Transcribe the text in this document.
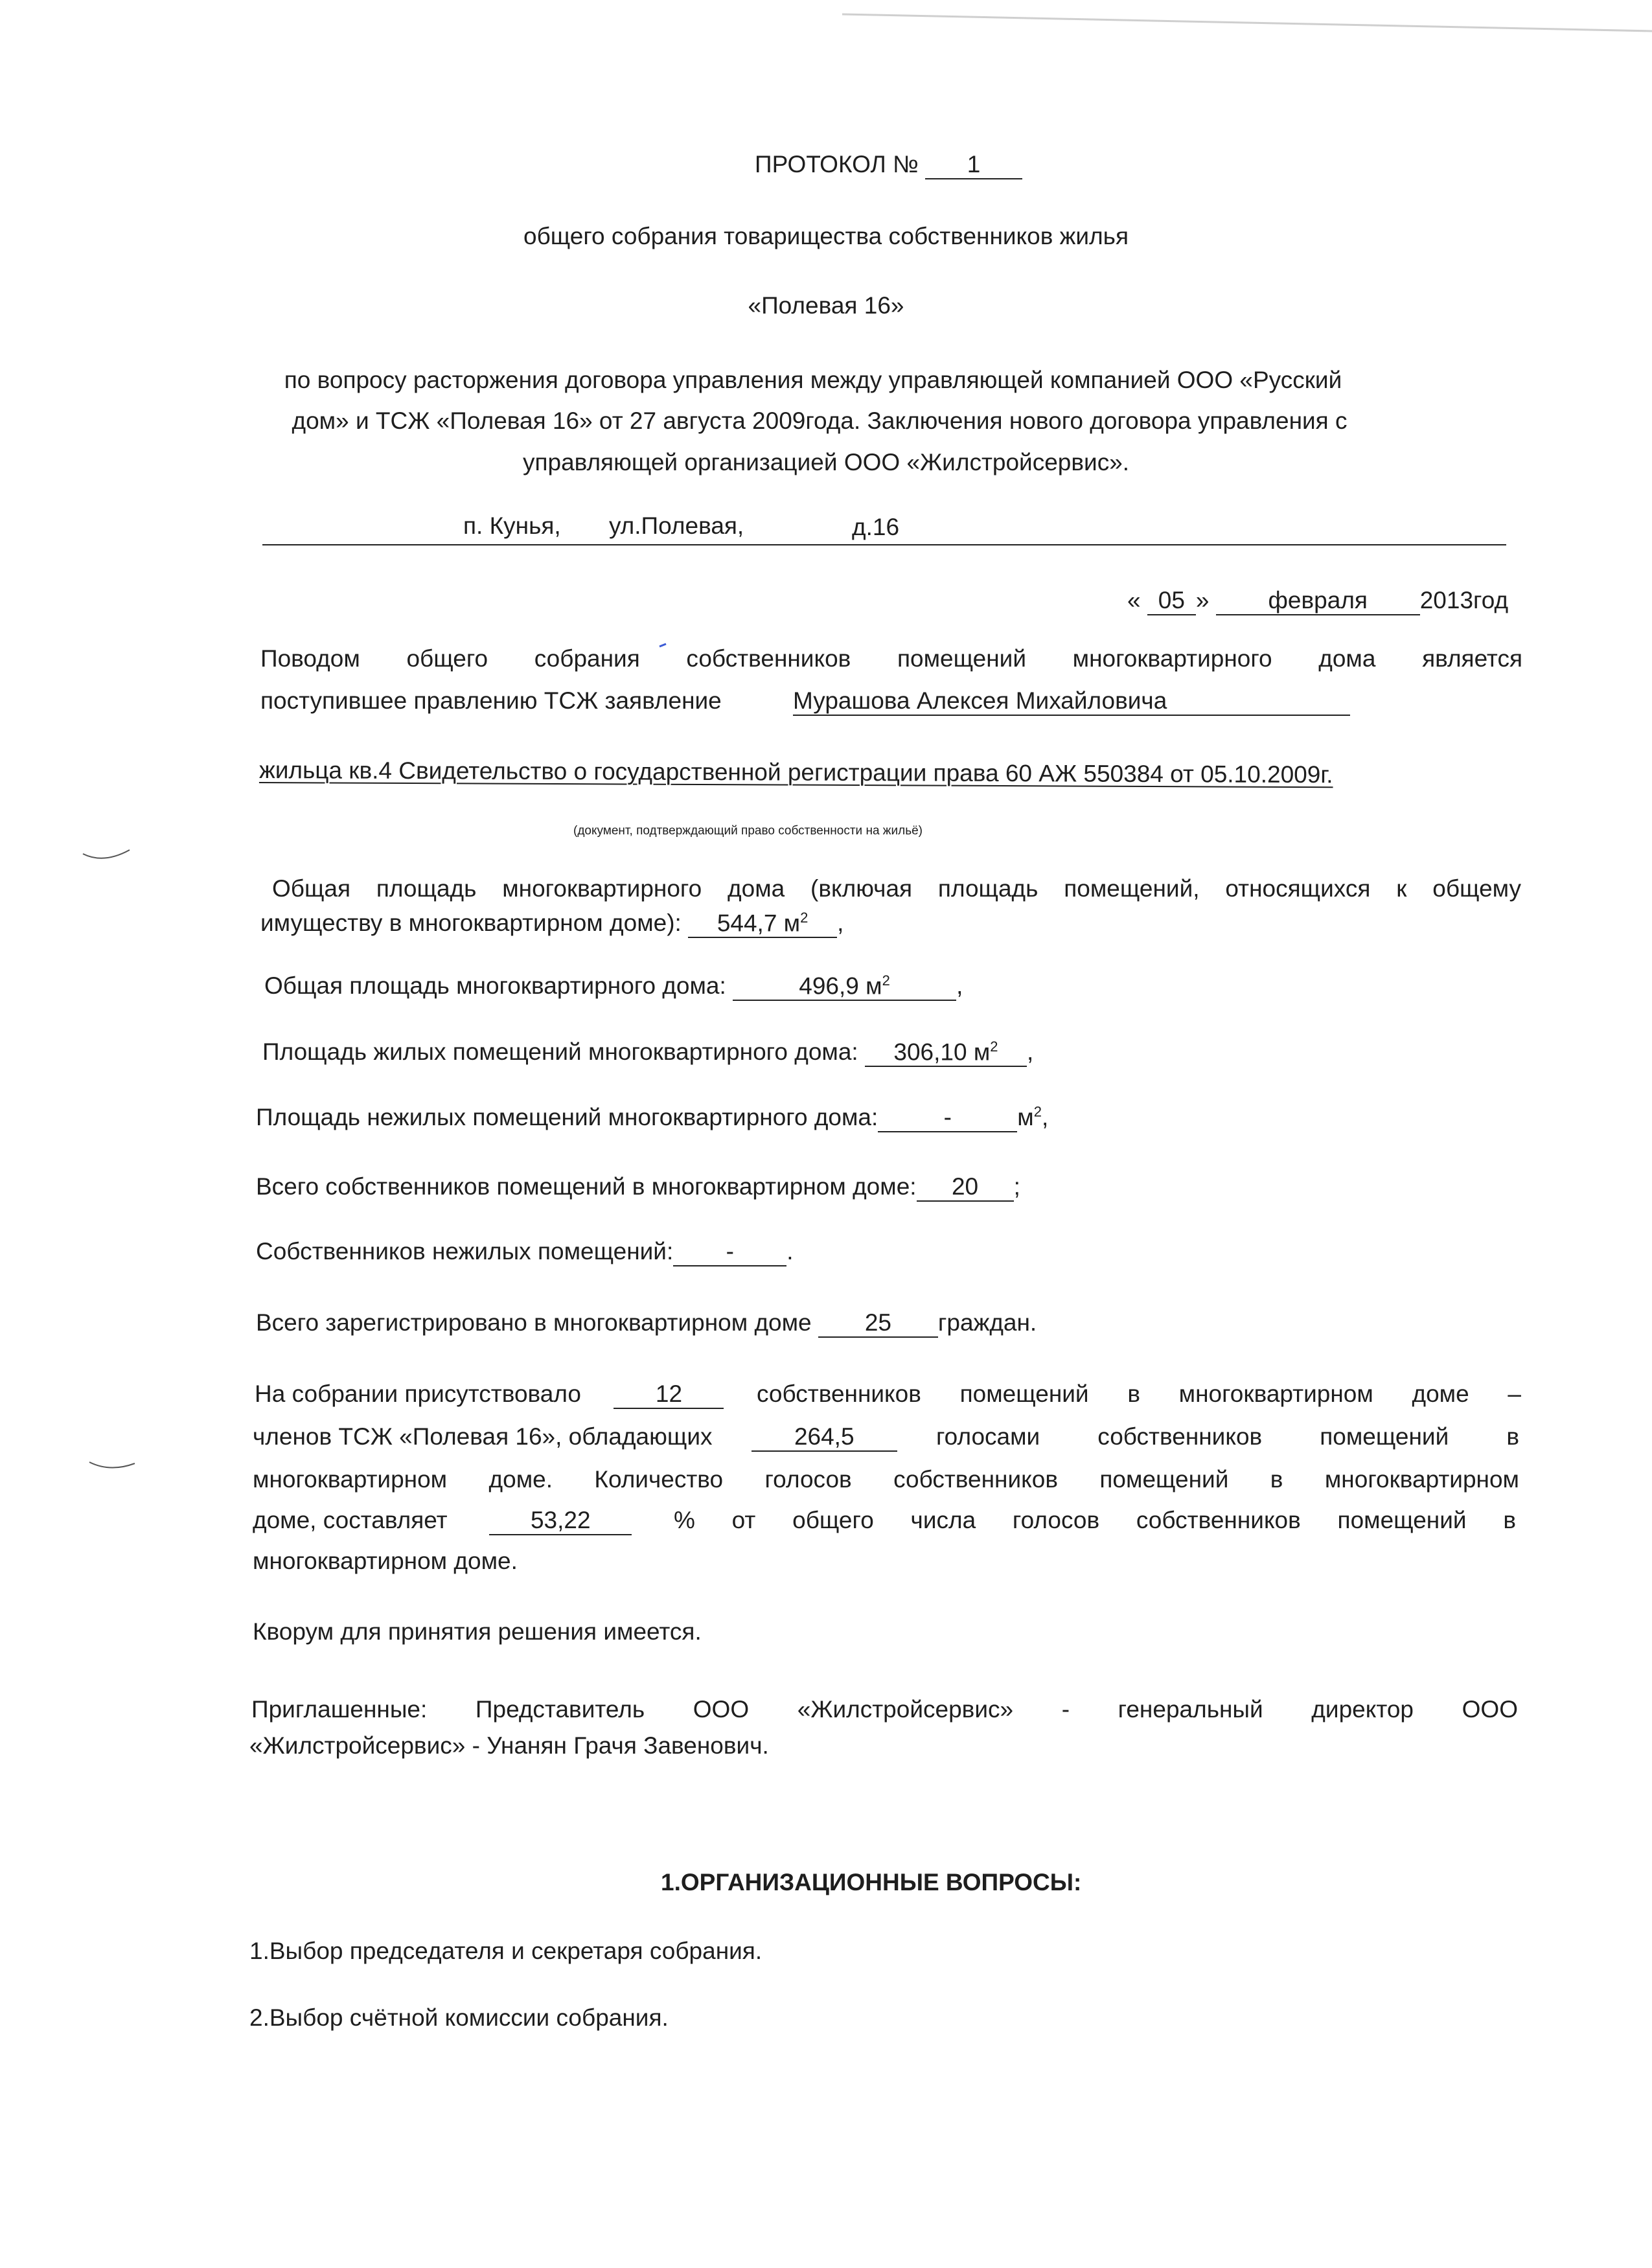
ПРОТОКОЛ № 1
общего собрания товарищества собственников жилья
«Полевая 16»
по вопросу расторжения договора управления между управляющей компанией ООО «Русский
дом» и ТСЖ «Полевая 16» от 27 августа 2009года. Заключения нового договора управления с
управляющей организацией ООО «Жилстройсервис».
п. Кунья, ул.Полевая,	д.16
« 05 » февраля 2013год
Поводом общего собрания собственников помещений многоквартирного дома является
поступившее правлению ТСЖ заявление	Мурашова Алексея Михайловича
жильца кв.4 Свидетельство о государственной регистрации права 60 АЖ 550384 от 05.10.2009г.
(документ, подтверждающий право собственности на жильё)
Общая площадь многоквартирного дома (включая площадь помещений, относящихся к общему
имуществу в многоквартирном доме): 544,7 $м^2$ ,
Общая площадь многоквартирного дома:	496,9 $м^2$	,
Площадь жилых помещений многоквартирного дома: 306,10 $м^2$ ,
Площадь нежилых помещений многоквартирного дома:	-	$м^2$,
Всего собственников помещений в многоквартирном доме: 20 ;
Собственников нежилых помещений: - .
Всего зарегистрировано в многоквартирном доме 25 граждан.
На собрании присутствовало	12	собственников помещений в многоквартирном доме –
членов ТСЖ «Полевая 16», обладающих	264,5	голосами собственников помещений в
многоквартирном доме. Количество голосов собственников помещений в многоквартирном
доме, составляет	53,22	% от общего числа голосов собственников помещений в
многоквартирном доме.
Кворум для принятия решения имеется.
Приглашенные: Представитель ООО «Жилстройсервис» - генеральный директор ООО
«Жилстройсервис» - Унанян Грачя Завенович.
1.ОРГАНИЗАЦИОННЫЕ ВОПРОСЫ:
1.Выбор председателя и секретаря собрания.
2.Выбор счётной комиссии собрания.
